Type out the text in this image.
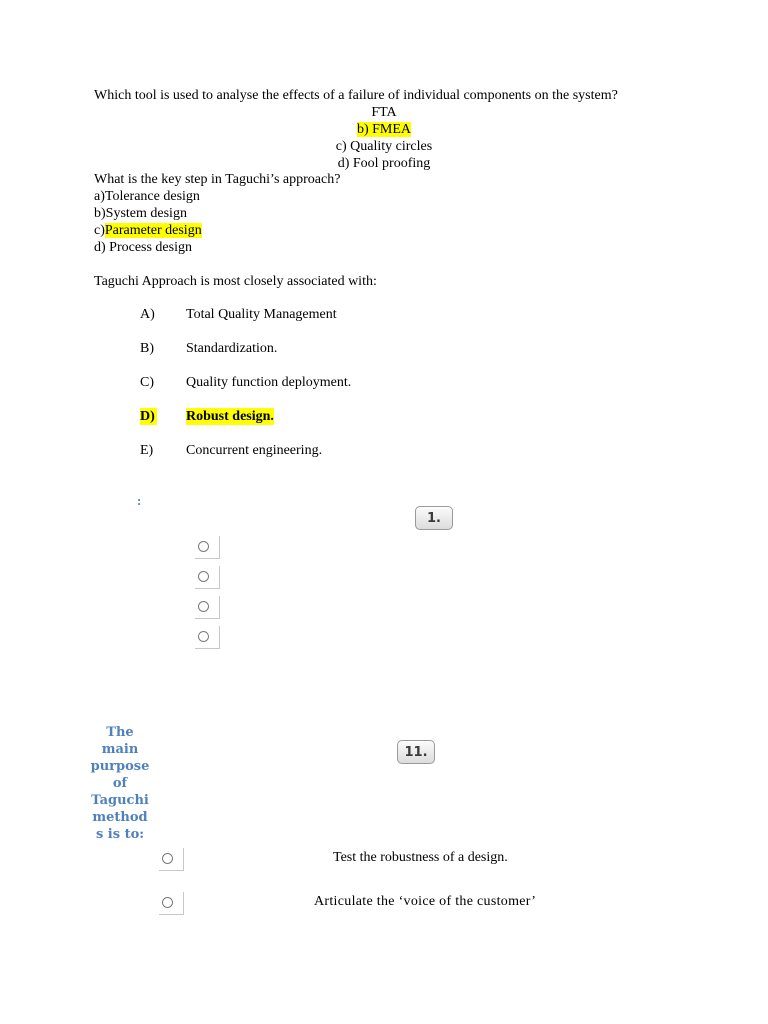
Which tool is used to analyse the effects of a failure of individual components on the system?
FTA
b) FMEA
c) Quality circles
d) Fool proofing
What is the key step in Taguchi’s approach?
a)Tolerance design
b)System design
c)Parameter design
d) Process design
Taguchi Approach is most closely associated with:
A) Total Quality Management
B) Standardization.
C) Quality function deployment.
D) Robust design.
E) Concurrent engineering.
:
1.
The
main
purpose
of
Taguchi
method
s is to:
11.
Test the robustness of a design.
Articulate the ‘voice of the customer’
